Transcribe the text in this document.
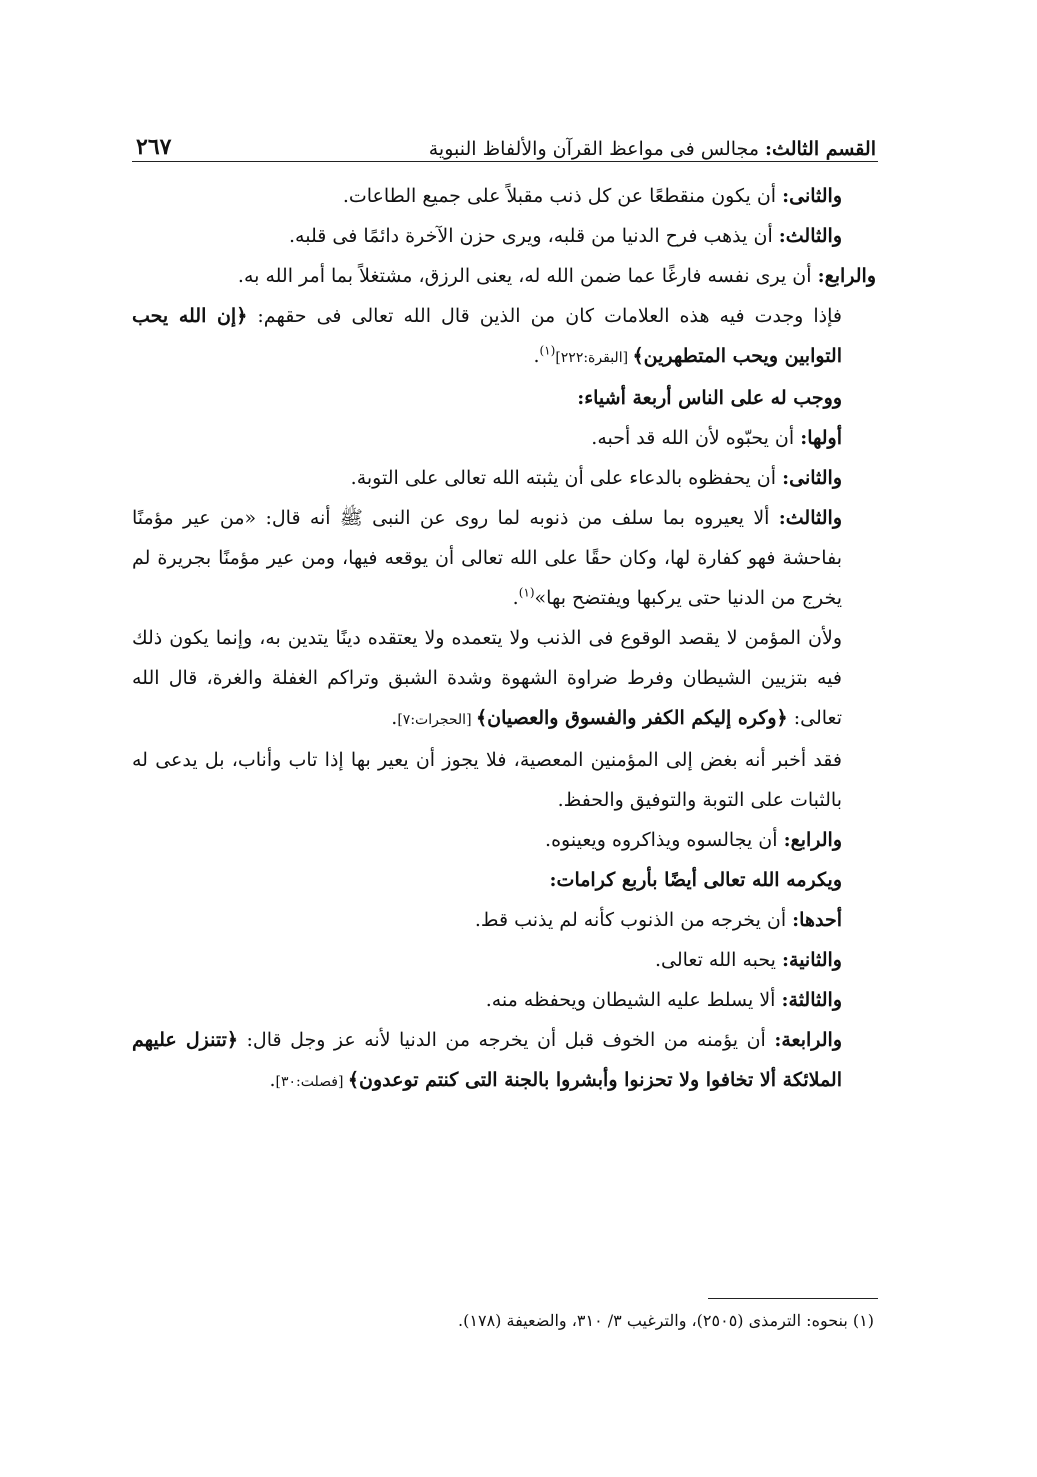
القسم الثالث: مجالس فى مواعظ القرآن والألفاظ النبوية
٢٦٧

والثانى: أن يكون منقطعًا عن كل ذنب مقبلاً على جميع الطاعات.

والثالث: أن يذهب فرح الدنيا من قلبه، ويرى حزن الآخرة دائمًا فى قلبه.

والرابع: أن يرى نفسه فارغًا عما ضمن الله له، يعنى الرزق، مشتغلاً بما أمر الله به.

فإذا وجدت فيه هذه العلامات كان من الذين قال الله تعالى فى حقهم: ﴿إن الله يحب التوابين ويحب المتطهرين﴾ [البقرة:٢٢٢]$^{(١)}$.

ووجب له على الناس أربعة أشياء:

أولها: أن يحبّوه لأن الله قد أحبه.

والثانى: أن يحفظوه بالدعاء على أن يثبته الله تعالى على التوبة.

والثالث: ألا يعيروه بما سلف من ذنوبه لما روى عن النبى ﷺ أنه قال: «من عير مؤمنًا بفاحشة فهو كفارة لها، وكان حقًا على الله تعالى أن يوقعه فيها، ومن عير مؤمنًا بجريرة لم يخرج من الدنيا حتى يركبها ويفتضح بها»$^{(١)}$.

ولأن المؤمن لا يقصد الوقوع فى الذنب ولا يتعمده ولا يعتقده دينًا يتدين به، وإنما يكون ذلك فيه بتزيين الشيطان وفرط ضراوة الشهوة وشدة الشبق وتراكم الغفلة والغرة، قال الله تعالى: ﴿وكره إليكم الكفر والفسوق والعصيان﴾ [الحجرات:٧].

فقد أخبر أنه بغض إلى المؤمنين المعصية، فلا يجوز أن يعير بها إذا تاب وأناب، بل يدعى له بالثبات على التوبة والتوفيق والحفظ.

والرابع: أن يجالسوه ويذاكروه ويعينوه.

ويكرمه الله تعالى أيضًا بأربع كرامات:

أحدها: أن يخرجه من الذنوب كأنه لم يذنب قط.

والثانية: يحبه الله تعالى.

والثالثة: ألا يسلط عليه الشيطان ويحفظه منه.

والرابعة: أن يؤمنه من الخوف قبل أن يخرجه من الدنيا لأنه عز وجل قال: ﴿تتنزل عليهم الملائكة ألا تخافوا ولا تحزنوا وأبشروا بالجنة التى كنتم توعدون﴾ [فصلت:٣٠].

(١) بنحوه: الترمذى (٢٥٠٥)، والترغيب ٣/ ٣١٠، والضعيفة (١٧٨).
